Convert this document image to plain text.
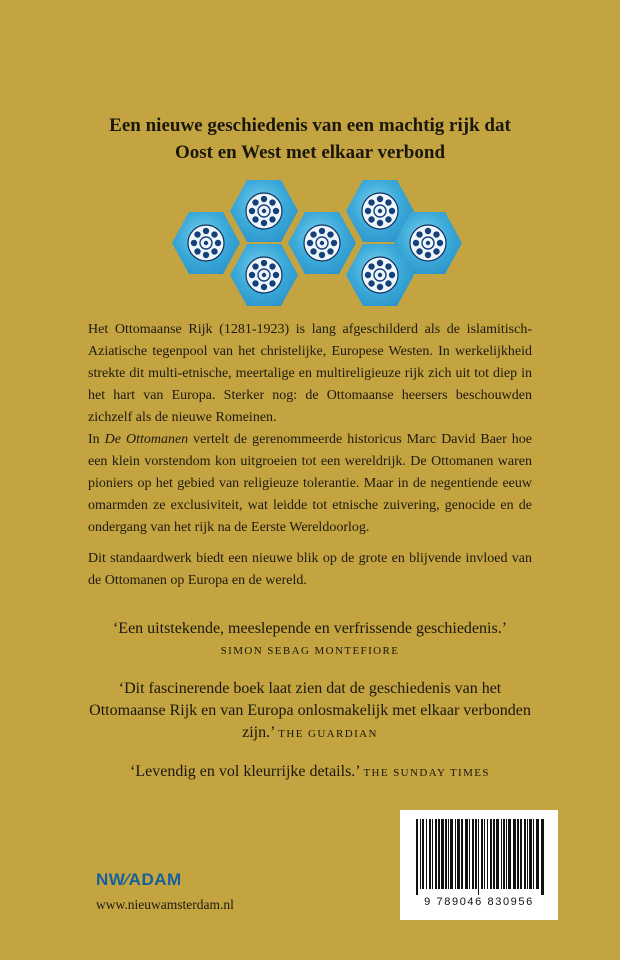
Een nieuwe geschiedenis van een machtig rijk dat
Oost en West met elkaar verbond

Het Ottomaanse Rijk (1281-1923) is lang afgeschilderd als de islamitisch-Aziatische tegenpool van het christelijke, Europese Westen. In werkelijkheid strekte dit multi-etnische, meertalige en multireligieuze rijk zich uit tot diep in het hart van Europa. Sterker nog: de Ottomaanse heersers beschouwden zichzelf als de nieuwe Romeinen.

In De Ottomanen vertelt de gerenommeerde historicus Marc David Baer hoe een klein vorstendom kon uitgroeien tot een wereldrijk. De Ottomanen waren pioniers op het gebied van religieuze tolerantie. Maar in de negentiende eeuw omarmden ze exclusiviteit, wat leidde tot etnische zuivering, genocide en de ondergang van het rijk na de Eerste Wereldoorlog.

Dit standaardwerk biedt een nieuwe blik op de grote en blijvende invloed van de Ottomanen op Europa en de wereld.

‘Een uitstekende, meeslepende en verfrissende geschiedenis.’
SIMON SEBAG MONTEFIORE
‘Dit fascinerende boek laat zien dat de geschiedenis van het Ottomaanse Rijk en van Europa onlosmakelijk met elkaar verbonden zijn.’ THE GUARDIAN
‘Levendig en vol kleurrijke details.’ THE SUNDAY TIMES
NW⁄ADAM
www.nieuwamsterdam.nl	9 789046 830956
